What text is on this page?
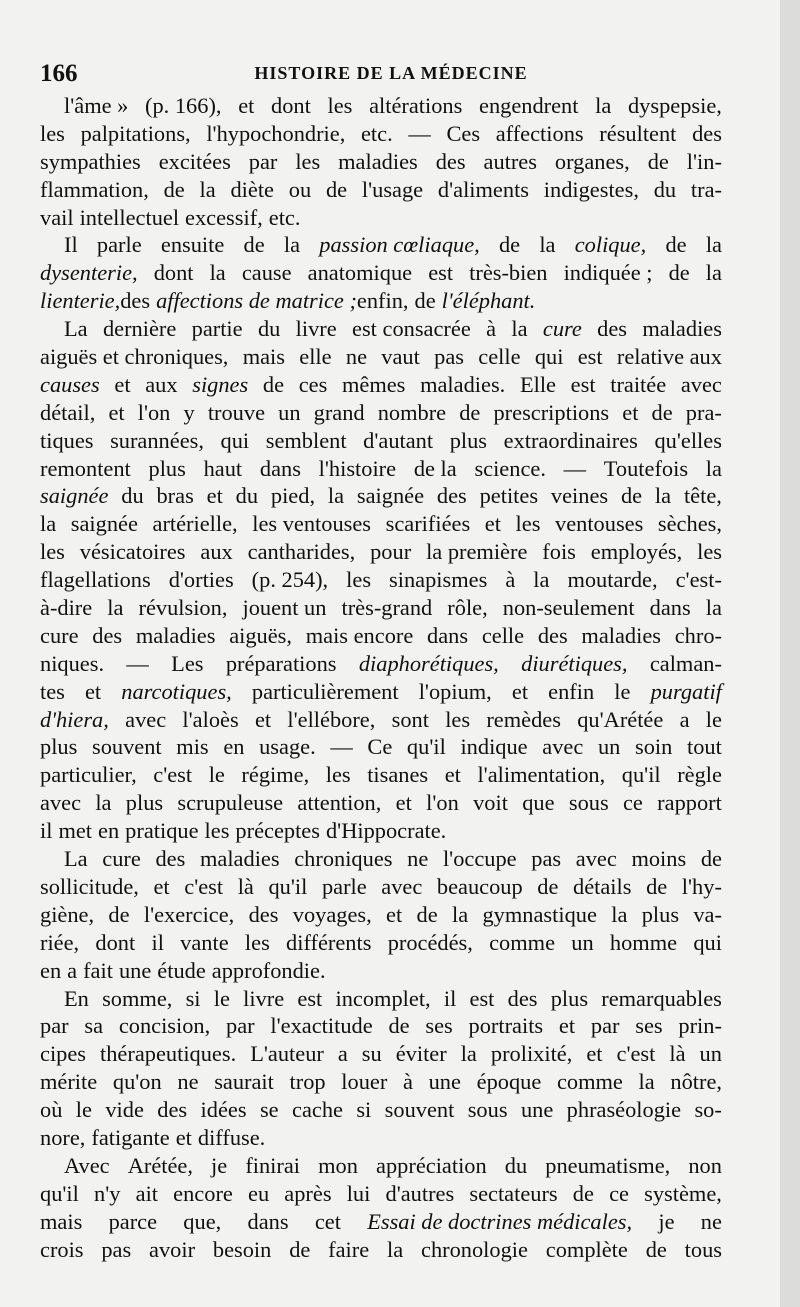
166	HISTOIRE DE LA MÉDECINE
l'âme » (p. 166), et dont les altérations engendrent la dyspepsie,
les palpitations, l'hypochondrie, etc. — Ces affections résultent des
sympathies excitées par les maladies des autres organes, de l'in-
flammation, de la diète ou de l'usage d'aliments indigestes, du tra-
vail intellectuel excessif, etc.
Il parle ensuite de la passion cœliaque, de la colique, de la
dysenterie, dont la cause anatomique est très-bien indiquée ; de la
lienterie, des affections de matrice ; enfin, de l'éléphant.
La dernière partie du livre est consacrée à la cure des maladies
aiguës et chroniques, mais elle ne vaut pas celle qui est relative aux
causes et aux signes de ces mêmes maladies. Elle est traitée avec
détail, et l'on y trouve un grand nombre de prescriptions et de pra-
tiques surannées, qui semblent d'autant plus extraordinaires qu'elles
remontent plus haut dans l'histoire de la science. — Toutefois la
saignée du bras et du pied, la saignée des petites veines de la tête,
la saignée artérielle, les ventouses scarifiées et les ventouses sèches,
les vésicatoires aux cantharides, pour la première fois employés, les
flagellations d'orties (p. 254), les sinapismes à la moutarde, c'est-
à-dire la révulsion, jouent un très-grand rôle, non-seulement dans la
cure des maladies aiguës, mais encore dans celle des maladies chro-
niques. — Les préparations diaphorétiques, diurétiques, calman-
tes et narcotiques, particulièrement l'opium, et enfin le purgatif
d'hiera, avec l'aloès et l'ellébore, sont les remèdes qu'Arétée a le
plus souvent mis en usage. — Ce qu'il indique avec un soin tout
particulier, c'est le régime, les tisanes et l'alimentation, qu'il règle
avec la plus scrupuleuse attention, et l'on voit que sous ce rapport
il met en pratique les préceptes d'Hippocrate.
La cure des maladies chroniques ne l'occupe pas avec moins de
sollicitude, et c'est là qu'il parle avec beaucoup de détails de l'hy-
giène, de l'exercice, des voyages, et de la gymnastique la plus va-
riée, dont il vante les différents procédés, comme un homme qui
en a fait une étude approfondie.
En somme, si le livre est incomplet, il est des plus remarquables
par sa concision, par l'exactitude de ses portraits et par ses prin-
cipes thérapeutiques. L'auteur a su éviter la prolixité, et c'est là un
mérite qu'on ne saurait trop louer à une époque comme la nôtre,
où le vide des idées se cache si souvent sous une phraséologie so-
nore, fatigante et diffuse.
Avec Arétée, je finirai mon appréciation du pneumatisme, non
qu'il n'y ait encore eu après lui d'autres sectateurs de ce système,
mais parce que, dans cet Essai de doctrines médicales, je ne
crois pas avoir besoin de faire la chronologie complète de tous
